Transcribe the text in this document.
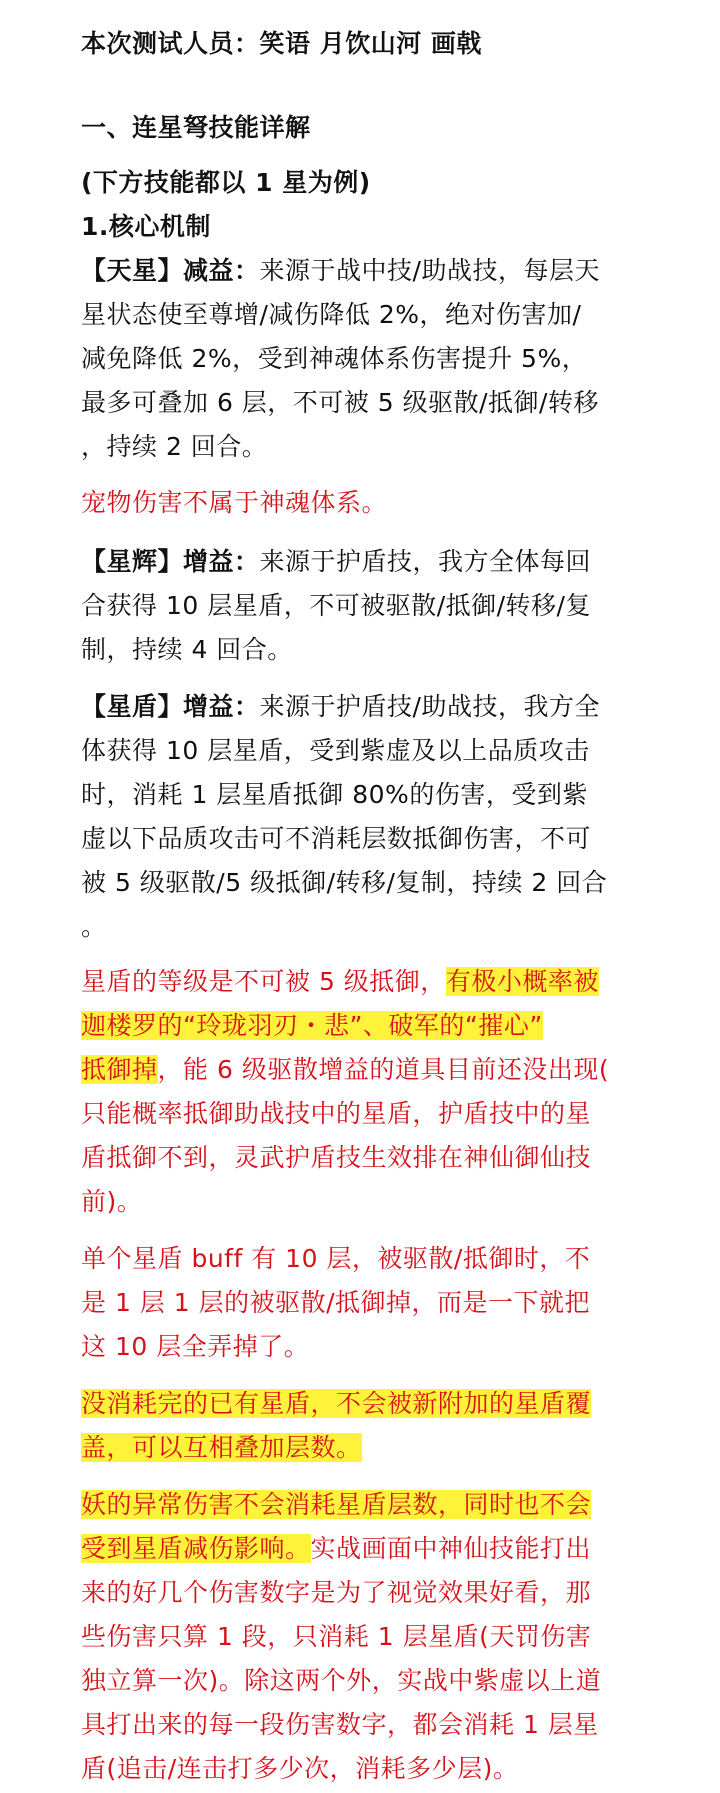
本次测试人员：笑语 月饮山河 画戟
一、连星弩技能详解
(下方技能都以 1 星为例)
1.核心机制
【天星】减益：来源于战中技/助战技，每层天
星状态使至尊增/减伤降低 2%，绝对伤害加/
减免降低 2%，受到神魂体系伤害提升 5%，
最多可叠加 6 层，不可被 5 级驱散/抵御/转移
，持续 2 回合。
宠物伤害不属于神魂体系。
【星辉】增益：来源于护盾技，我方全体每回
合获得 10 层星盾，不可被驱散/抵御/转移/复
制，持续 4 回合。
【星盾】增益：来源于护盾技/助战技，我方全
体获得 10 层星盾，受到紫虚及以上品质攻击
时，消耗 1 层星盾抵御 80%的伤害，受到紫
虚以下品质攻击可不消耗层数抵御伤害，不可
被 5 级驱散/5 级抵御/转移/复制，持续 2 回合
。
星盾的等级是不可被 5 级抵御，有极小概率被
迦楼罗的“玲珑羽刃・悲”、破军的“摧心”
抵御掉，能 6 级驱散增益的道具目前还没出现(
只能概率抵御助战技中的星盾，护盾技中的星
盾抵御不到，灵武护盾技生效排在神仙御仙技
前)。
单个星盾 buff 有 10 层，被驱散/抵御时，不
是 1 层 1 层的被驱散/抵御掉，而是一下就把
这 10 层全弄掉了。
没消耗完的已有星盾，不会被新附加的星盾覆
盖，可以互相叠加层数。
妖的异常伤害不会消耗星盾层数，同时也不会
受到星盾减伤影响。实战画面中神仙技能打出
来的好几个伤害数字是为了视觉效果好看，那
些伤害只算 1 段，只消耗 1 层星盾(天罚伤害
独立算一次)。除这两个外，实战中紫虚以上道
具打出来的每一段伤害数字，都会消耗 1 层星
盾(追击/连击打多少次，消耗多少层)。
